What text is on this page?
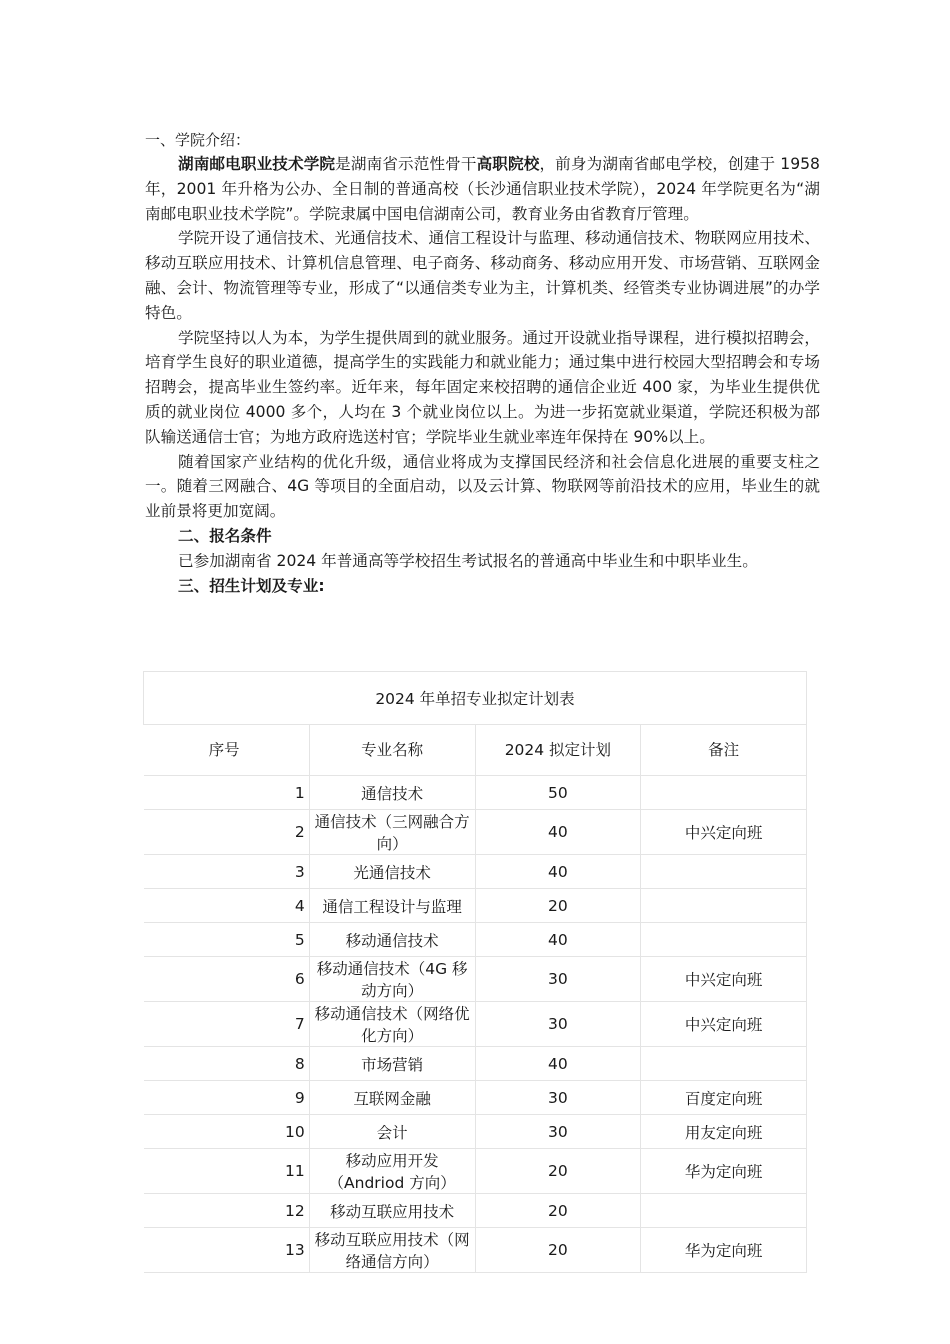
一、学院介绍：

湖南邮电职业技术学院是湖南省示范性骨干高职院校，前身为湖南省邮电学校，创建于 1958 年，2001 年升格为公办、全日制的普通高校（长沙通信职业技术学院），2024 年学院更名为“湖南邮电职业技术学院”。学院隶属中国电信湖南公司，教育业务由省教育厅管理。

学院开设了通信技术、光通信技术、通信工程设计与监理、移动通信技术、物联网应用技术、移动互联应用技术、计算机信息管理、电子商务、移动商务、移动应用开发、市场营销、互联网金融、会计、物流管理等专业，形成了“以通信类专业为主，计算机类、经管类专业协调进展”的办学特色。

学院坚持以人为本，为学生提供周到的就业服务。通过开设就业指导课程，进行模拟招聘会，培育学生良好的职业道德，提高学生的实践能力和就业能力；通过集中进行校园大型招聘会和专场招聘会，提高毕业生签约率。近年来，每年固定来校招聘的通信企业近 400 家，为毕业生提供优质的就业岗位 4000 多个，人均在 3 个就业岗位以上。为进一步拓宽就业渠道，学院还积极为部队输送通信士官；为地方政府选送村官；学院毕业生就业率连年保持在 90%以上。

随着国家产业结构的优化升级，通信业将成为支撑国民经济和社会信息化进展的重要支柱之一。随着三网融合、4G 等项目的全面启动，以及云计算、物联网等前沿技术的应用，毕业生的就业前景将更加宽阔。

二、报名条件

已参加湖南省 2024 年普通高等学校招生考试报名的普通高中毕业生和中职毕业生。

三、招生计划及专业:

2024 年单招专业拟定计划表			
序号	专业名称	2024 拟定计划	备注
1	通信技术	50	
2	通信技术（三网融合方向）	40	中兴定向班
3	光通信技术	40	
4	通信工程设计与监理	20	
5	移动通信技术	40	
6	移动通信技术（4G 移动方向）	30	中兴定向班
7	移动通信技术（网络优化方向）	30	中兴定向班
8	市场营销	40	
9	互联网金融	30	百度定向班
10	会计	30	用友定向班
11	移动应用开发（Andriod 方向）	20	华为定向班
12	移动互联应用技术	20	
13	移动互联应用技术（网络通信方向）	20	华为定向班
